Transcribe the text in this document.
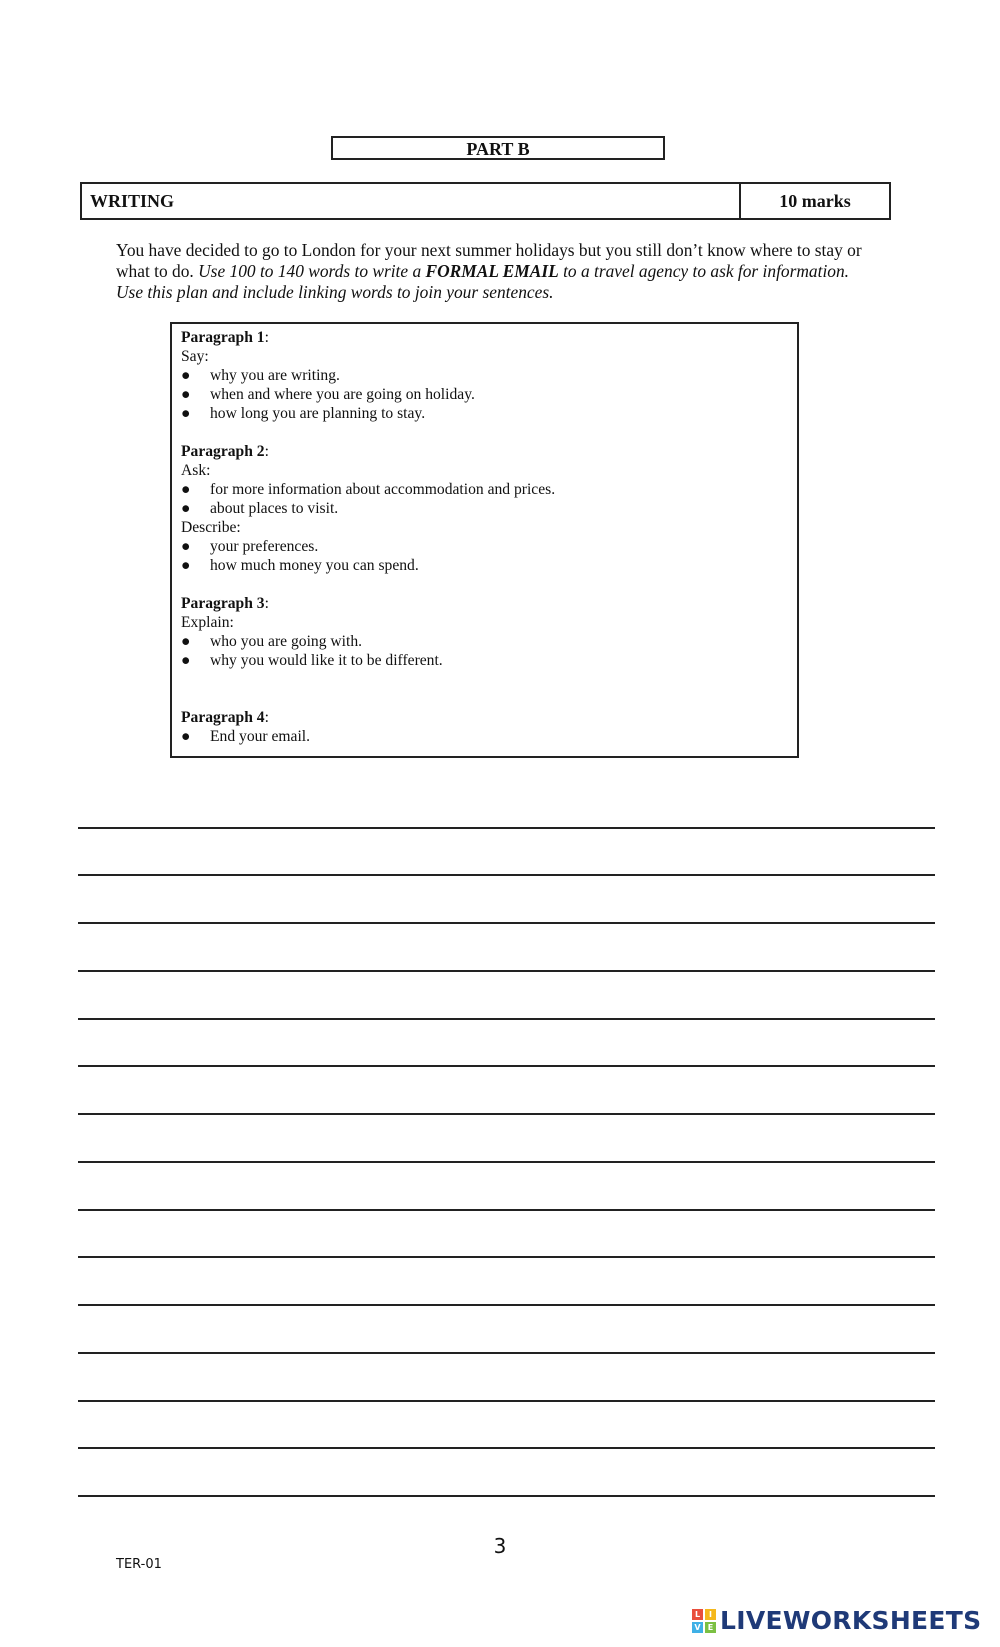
PART B
WRITING	10 marks
You have decided to go to London for your next summer holidays but you still don’t know where to stay or what to do. Use 100 to 140 words to write a FORMAL EMAIL to a travel agency to ask for information. Use this plan and include linking words to join your sentences.
Paragraph 1:
Say:
●	why you are writing.
●	when and where you are going on holiday.
●	how long you are planning to stay.
Paragraph 2:
Ask:
●	for more information about accommodation and prices.
●	about places to visit.
Describe:
●	your preferences.
●	how much money you can spend.
Paragraph 3:
Explain:
●	who you are going with.
●	why you would like it to be different.
Paragraph 4:
●	End your email.
3
TER-01
L	I
V E LIVEWORKSHEETS
